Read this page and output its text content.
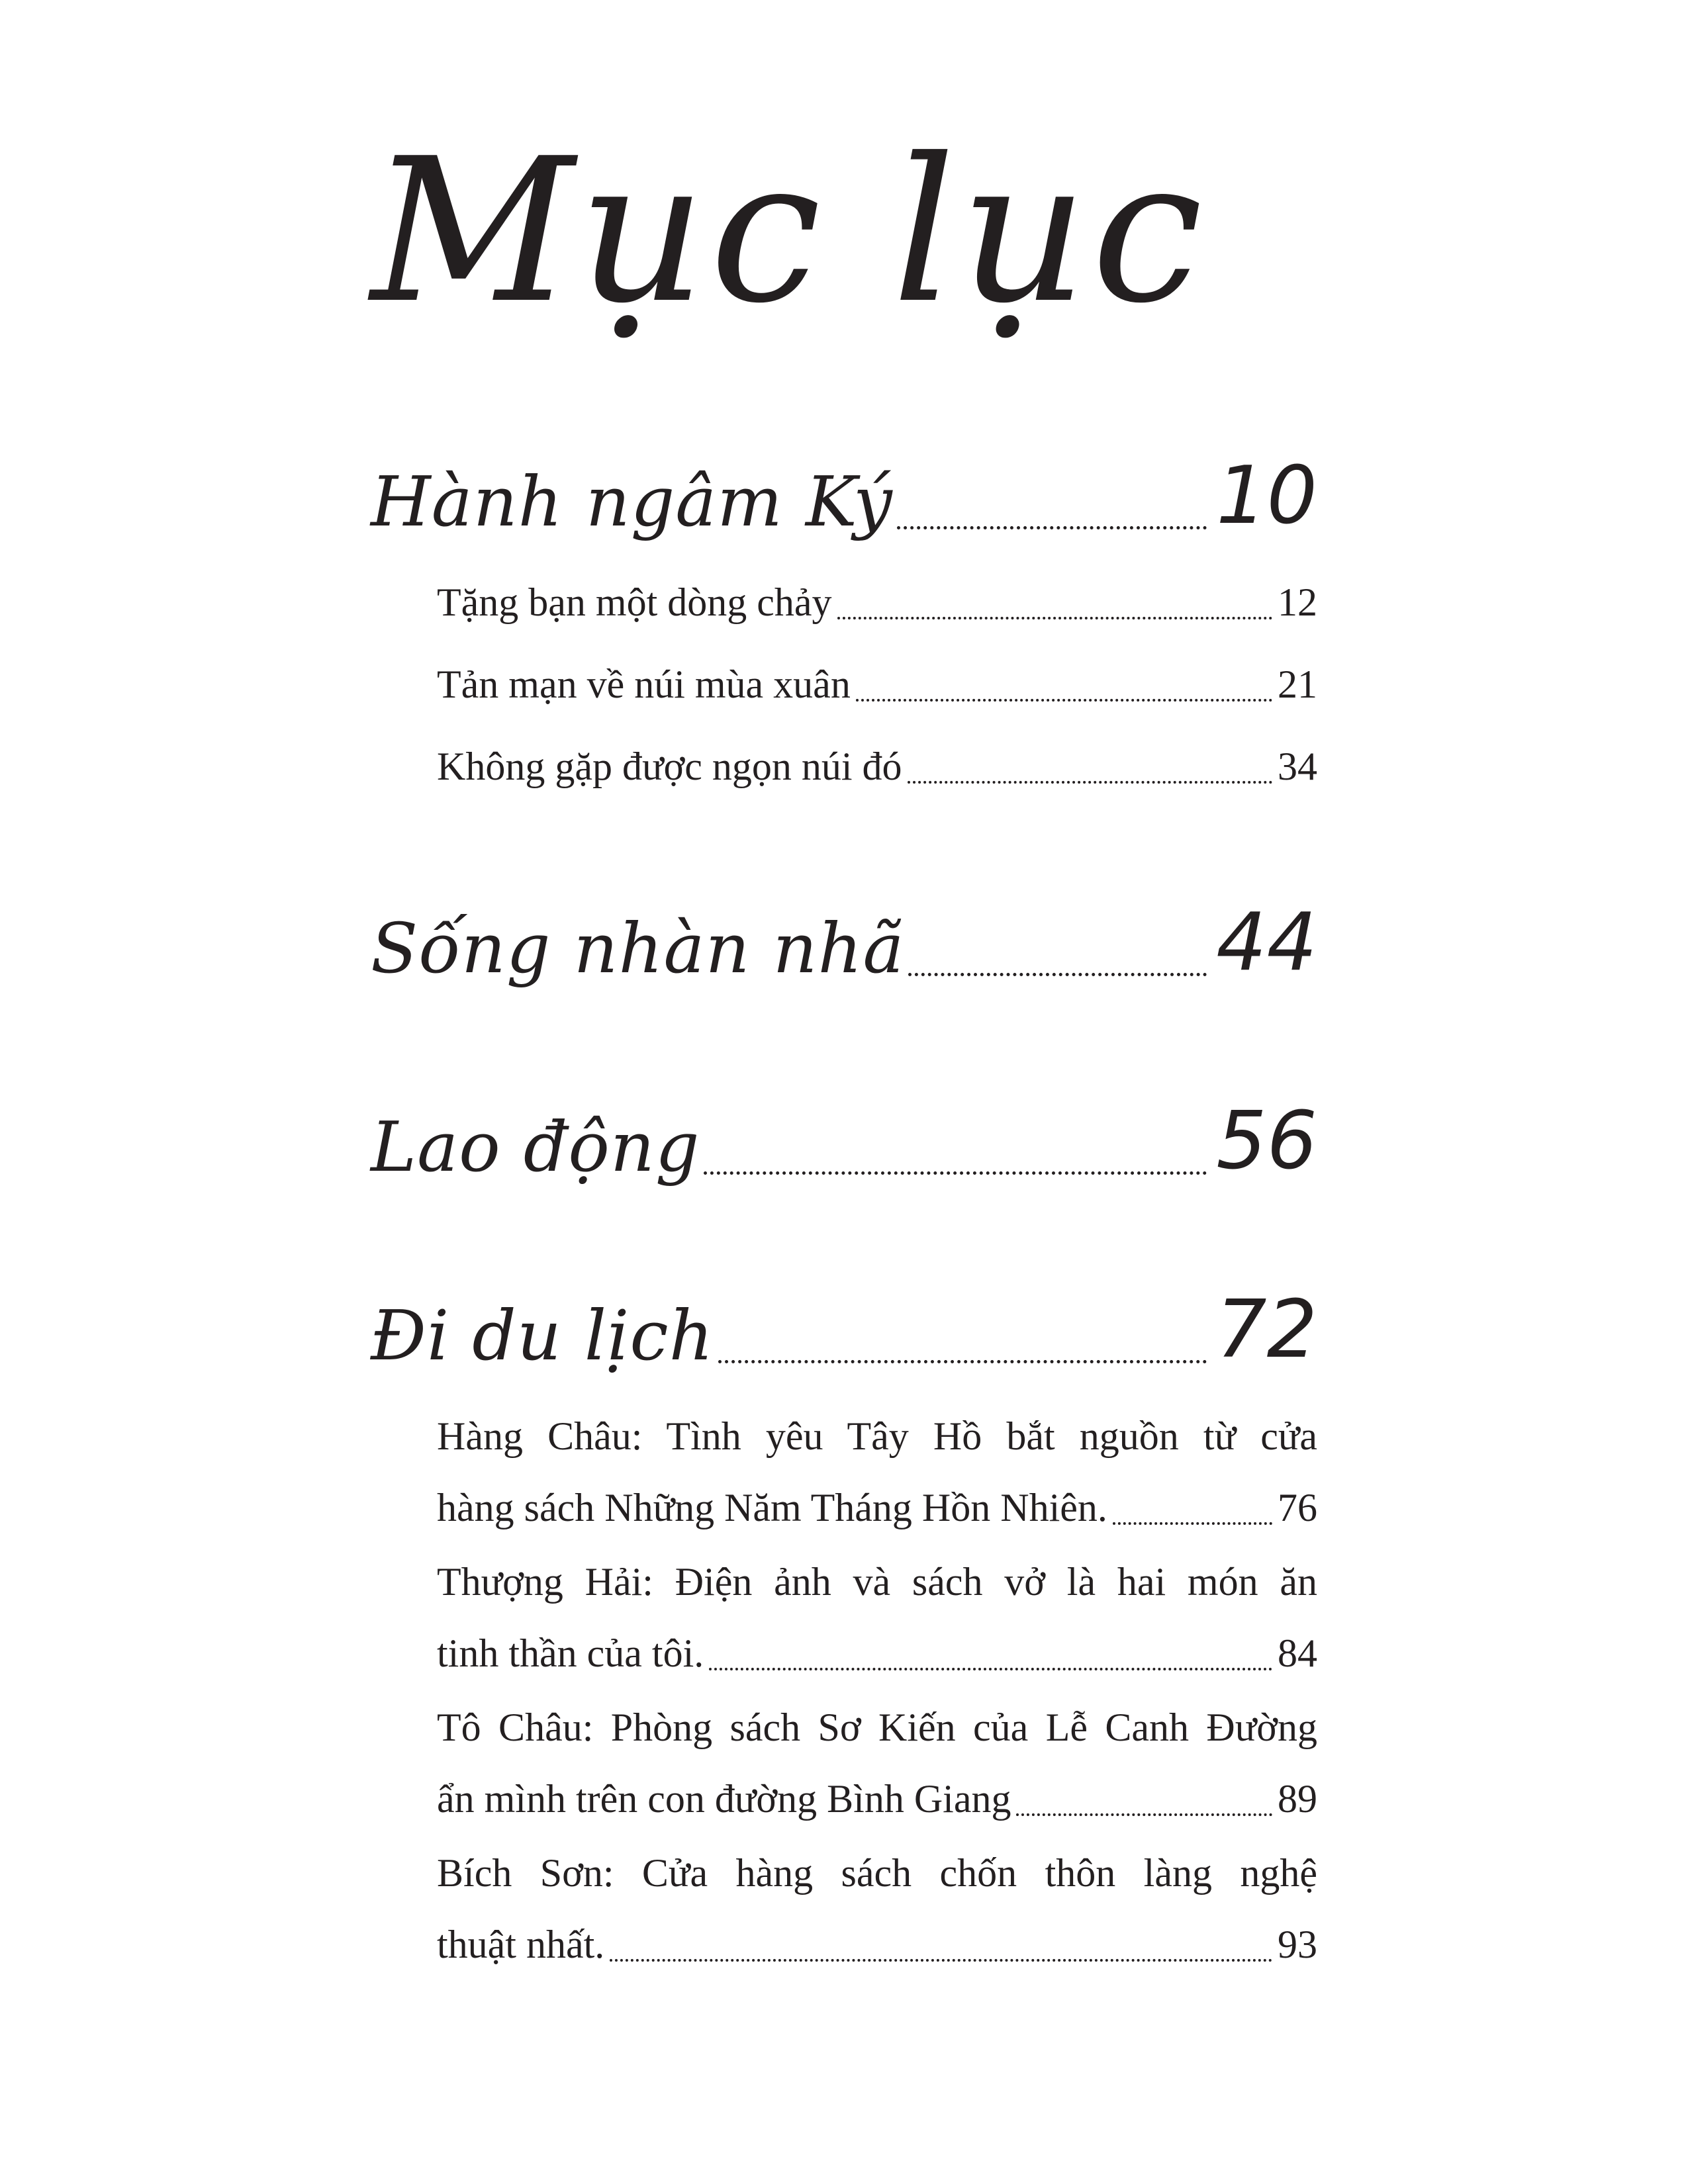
Mục lục
Hành ngâm Ký	10
Tặng bạn một dòng chảy	12
Tản mạn về núi mùa xuân	21
Không gặp được ngọn núi đó	34
Sống nhàn nhã	44
Lao động	56
Đi du lịch	72
Hàng Châu: Tình yêu Tây Hồ bắt nguồn từ cửa
hàng sách Những Năm Tháng Hồn Nhiên.	76
Thượng Hải: Điện ảnh và sách vở là hai món ăn
tinh thần của tôi.	84
Tô Châu: Phòng sách Sơ Kiến của Lễ Canh Đường
ẩn mình trên con đường Bình Giang	89
Bích Sơn: Cửa hàng sách chốn thôn làng nghệ
thuật nhất.	93
